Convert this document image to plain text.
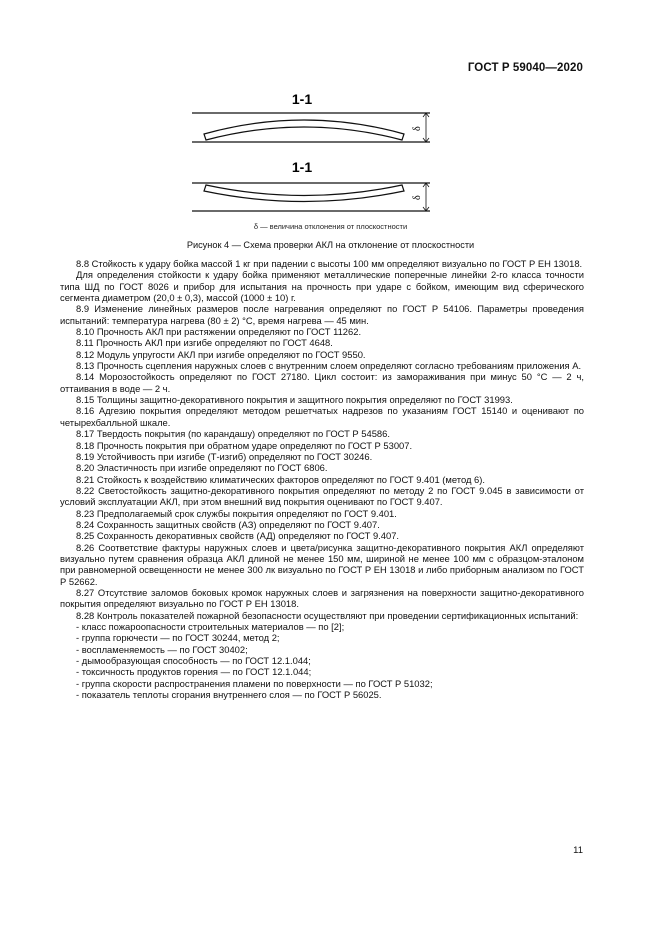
ГОСТ Р 59040—2020
1-1
δ
1-1
δ
δ — величина отклонения от плоскостности
Рисунок 4 — Схема проверки АКЛ на отклонение от плоскостности

8.8 Стойкость к удару бойка массой 1 кг при падении с высоты 100 мм определяют визуально по ГОСТ Р ЕН 13018.

Для определения стойкости к удару бойка применяют металлические поперечные линейки 2-го класса точности типа ШД по ГОСТ 8026 и прибор для испытания на прочность при ударе с бойком, имеющим вид сферического сегмента диаметром (20,0 ± 0,3), массой (1000 ± 10) г.

8.9 Изменение линейных размеров после нагревания определяют по ГОСТ Р 54106. Параметры проведения испытаний: температура нагрева (80 ± 2) °С, время нагрева — 45 мин.

8.10 Прочность АКЛ при растяжении определяют по ГОСТ 11262.

8.11 Прочность АКЛ при изгибе определяют по ГОСТ 4648.

8.12 Модуль упругости АКЛ при изгибе определяют по ГОСТ 9550.

8.13 Прочность сцепления наружных слоев с внутренним слоем определяют согласно требованиям приложения А.

8.14 Морозостойкость определяют по ГОСТ 27180. Цикл состоит: из замораживания при минус 50 °С — 2 ч, оттаивания в воде — 2 ч.

8.15 Толщины защитно-декоративного покрытия и защитного покрытия определяют по ГОСТ 31993.

8.16 Адгезию покрытия определяют методом решетчатых надрезов по указаниям ГОСТ 15140 и оценивают по четырехбалльной шкале.

8.17 Твердость покрытия (по карандашу) определяют по ГОСТ Р 54586.

8.18 Прочность покрытия при обратном ударе определяют по ГОСТ Р 53007.

8.19 Устойчивость при изгибе (Т-изгиб) определяют по ГОСТ 30246.

8.20 Эластичность при изгибе определяют по ГОСТ 6806.

8.21 Стойкость к воздействию климатических факторов определяют по ГОСТ 9.401 (метод 6).

8.22 Светостойкость защитно-декоративного покрытия определяют по методу 2 по ГОСТ 9.045 в зависимости от условий эксплуатации АКЛ, при этом внешний вид покрытия оценивают по ГОСТ 9.407.

8.23 Предполагаемый срок службы покрытия определяют по ГОСТ 9.401.

8.24 Сохранность защитных свойств (АЗ) определяют по ГОСТ 9.407.

8.25 Сохранность декоративных свойств (АД) определяют по ГОСТ 9.407.

8.26 Соответствие фактуры наружных слоев и цвета/рисунка защитно-декоративного покрытия АКЛ определяют визуально путем сравнения образца АКЛ длиной не менее 150 мм, шириной не менее 100 мм с образцом-эталоном при равномерной освещенности не менее 300 лк визуально по ГОСТ Р ЕН 13018 и либо приборным анализом по ГОСТ Р 52662.

8.27 Отсутствие заломов боковых кромок наружных слоев и загрязнения на поверхности защитно-декоративного покрытия определяют визуально по ГОСТ Р ЕН 13018.

8.28 Контроль показателей пожарной безопасности осуществляют при проведении сертификационных испытаний:

- класс пожароопасности строительных материалов — по [2];
- группа горючести — по ГОСТ 30244, метод 2;
- воспламеняемость — по ГОСТ 30402;
- дымообразующая способность — по ГОСТ 12.1.044;
- токсичность продуктов горения — по ГОСТ 12.1.044;
- группа скорости распространения пламени по поверхности — по ГОСТ Р 51032;
- показатель теплоты сгорания внутреннего слоя — по ГОСТ Р 56025.
11
